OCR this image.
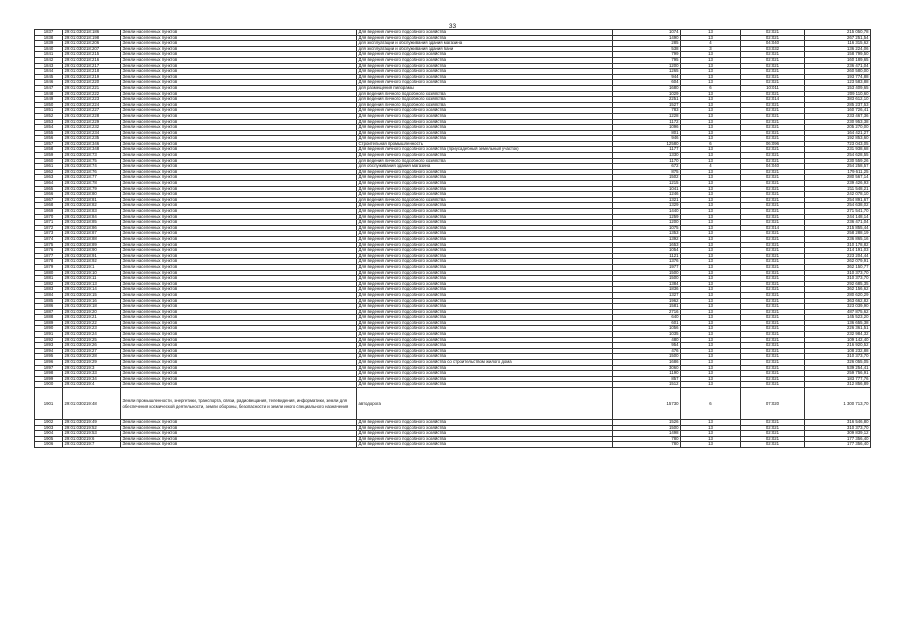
33
1837	29:01:030218:186	Земли населенных пунктов	Для ведения личного подсобного хозяйства	1074	13	02:021	215 050,78
1838	29:01:030218:198	Земли населенных пунктов	Для ведения личного подсобного хозяйства	1490	13	02:021	267 251,54
1839	29:01:030218:206	Земли населенных пунктов	для эксплуатации и обслуживания здания магазина	285	4	04:040	116 315,62
1840	29:01:030218:207	Земли населенных пунктов	для эксплуатации и обслуживания здания бани	538	3	03:032	136 224,06
1841	29:01:030218:215	Земли населенных пунктов	Для ведения личного подсобного хозяйства	799	13	02:021	158 799,50
1842	29:01:030218:216	Земли населенных пунктов	Для ведения личного подсобного хозяйства	795	13	02:021	160 189,65
1843	29:01:030218:217	Земли населенных пунктов	Для ведения личного подсобного хозяйства	1200	13	02:021	236 471,04
1844	29:01:030218:218	Земли населенных пунктов	Для ведения личного подсобного хозяйства	1265	13	02:021	260 580,00
1845	29:01:030218:219	Земли населенных пунктов	Для ведения личного подсобного хозяйства	944	13	02:021	193 774,88
1846	29:01:030218:220	Земли населенных пунктов	Для ведения личного подсобного хозяйства	604	13	02:021	123 583,88
1847	29:01:030218:221	Земли населенных пунктов	для размещения пилорамы	1680	6	10:011	153 409,65
1848	29:01:030218:222	Земли населенных пунктов	для ведения личного подсобного хозяйства	1029	13	02:021	209 110,60
1849	29:01:030218:223	Земли населенных пунктов	для ведения личного подсобного хозяйства	2251	13	02:014	383 612,10
1850	29:01:030218:224	Земли населенных пунктов	для ведения личного подсобного хозяйства	1527	13	02:021	285 237,53
1851	29:01:030218:227	Земли населенных пунктов	Для ведения личного подсобного хозяйства	783	13	02:021	160 726,41
1852	29:01:030218:228	Земли населенных пунктов	Для ведения личного подсобного хозяйства	1228	13	02:021	233 467,36
1853	29:01:030218:229	Земли населенных пунктов	Для ведения личного подсобного хозяйства	1172	13	02:021	230 953,38
1854	29:01:030218:232	Земли населенных пунктов	Для ведения личного подсобного хозяйства	1096	13	02:021	205 270,00
1855	29:01:030218:234	Земли населенных пунктов	Для ведения личного подсобного хозяйства	801	13	02:021	164 421,27
1856	29:01:030218:235	Земли населенных пунктов	Для ведения личного подсобного хозяйства	946	13	02:021	192 853,60
1857	29:01:030218:346	Земли населенных пунктов	Строительная промышленность	12580	6	06:096	723 043,05
1858	29:01:030218:348	Земли населенных пунктов	Для ведения личного подсобного хозяйства (приусадебный земельный участок)	1177	13	02:021	231 938,68
1859	29:01:030218:73	Земли населенных пунктов	Для ведения личного подсобного хозяйства	1330	13	02:021	254 628,55
1860	29:01:030218:75	Земли населенных пунктов	для ведения личного подсобного хозяйства	1170	13	02:021	230 559,26
1861	29:01:030218:74	Земли населенных пунктов	для обслуживания здания магазина	672	4	04:040	254 258,57
1862	29:01:030218:76	Земли населенных пунктов	Для ведения личного подсобного хозяйства	875	13	02:021	179 611,25
1863	29:01:030218:77	Земли населенных пунктов	Для ведения личного подсобного хозяйства	1502	13	02:021	280 567,14
1864	29:01:030218:78	Земли населенных пунктов	Для ведения личного подсобного хозяйства	1215	13	02:021	239 426,93
1865	29:01:030218:79	Земли населенных пунктов	Для ведения личного подсобного хозяйства	1041	13	02:021	211 548,21
1866	29:01:030218:80	Земли населенных пунктов	Для ведения личного подсобного хозяйства	1246	13	02:021	242 078,10
1867	29:01:030218:81	Земли населенных пунктов	для ведения личного подсобного хозяйства	1321	13	02:021	254 891,67
1868	29:01:030218:82	Земли населенных пунктов	Для ведения личного подсобного хозяйства	1329	13	02:021	254 638,02
1869	29:01:030218:83	Земли населенных пунктов	Для ведения личного подсобного хозяйства	1440	13	02:021	271 541,70
1870	29:01:030218:84	Земли населенных пунктов	Для ведения личного подсобного хозяйства	1259	13	02:021	244 148,14
1871	29:01:030218:85	Земли населенных пунктов	Для ведения личного подсобного хозяйства	1200	13	02:021	236 471,04
1872	29:01:030218:86	Земли населенных пунктов	Для ведения личного подсобного хозяйства	1075	13	02:014	215 855,44
1873	29:01:030218:87	Земли населенных пунктов	Для ведения личного подсобного хозяйства	1353	13	02:021	258 288,19
1874	29:01:030218:88	Земли населенных пунктов	Для ведения личного подсобного хозяйства	1392	13	02:021	236 865,16
1875	29:01:030218:89	Земли населенных пунктов	Для ведения личного подсобного хозяйства	1653	13	02:021	310 178,82
1876	29:01:030218:90	Земли населенных пунктов	Для ведения личного подсобного хозяйства	1054	13	02:021	214 191,03
1877	29:01:030218:91	Земли населенных пунктов	Для ведения личного подсобного хозяйства	1121	13	02:021	223 204,44
1878	29:01:030218:92	Земли населенных пунктов	Для ведения личного подсобного хозяйства	1376	13	02:021	262 079,91
1879	29:01:030219:1	Земли населенных пунктов	Для ведения личного подсобного хозяйства	1977	13	02:021	362 150,77
1880	29:01:030219:10	Земли населенных пунктов	Для ведения личного подсобного хозяйства	1500	13	02:021	310 373,70
1881	29:01:030219:11	Земли населенных пунктов	Для ведения личного подсобного хозяйства	1500	13	02:021	310 373,70
1882	29:01:030219:13	Земли населенных пунктов	Для ведения личного подсобного хозяйства	1384	13	02:021	292 685,35
1883	29:01:030219:14	Земли населенных пунктов	Для ведения личного подсобного хозяйства	1836	13	02:021	362 156,62
1884	29:01:030219:15	Земли населенных пунктов	Для ведения личного подсобного хозяйства	1327	13	02:021	280 620,29
1885	29:01:030219:16	Земли населенных пунктов	Для ведения личного подсобного хозяйства	1962	13	02:021	363 662,82
1886	29:01:030219:18	Земли населенных пунктов	Для ведения личного подсобного хозяйства	1581	13	02:021	323 039,90
1887	29:01:030219:20	Земли населенных пунктов	Для ведения личного подсобного хозяйства	2716	13	02:021	487 875,62
1888	29:01:030219:21	Земли населенных пунктов	Для ведения личного подсобного хозяйства	640	13	02:021	145 523,20
1889	29:01:030219:22	Земли населенных пунктов	Для ведения личного подсобного хозяйства	601	13	02:021	136 655,38
1890	29:01:030219:23	Земли населенных пунктов	Для ведения личного подсобного хозяйства	1056	13	02:021	226 361,51
1891	29:01:030219:24	Земли населенных пунктов	Для ведения личного подсобного хозяйства	1035	13	02:021	232 984,32
1892	29:01:030219:25	Земли населенных пунктов	Для ведения личного подсобного хозяйства	480	13	02:021	109 142,40
1893	29:01:030219:26	Земли населенных пунктов	Для ведения личного подсобного хозяйства	954	13	02:021	216 920,52
1894	29:01:030219:27	Земли населенных пунктов	Для ведения личного подсобного хозяйства	476	13	02:021	108 232,88
1895	29:01:030219:28	Земли населенных пунктов	Для ведения личного подсобного хозяйства	1500	13	02:021	310 373,70
1896	29:01:030219:29	Земли населенных пунктов	Для ведения личного подсобного хозяйства со строительством жилого дома	1686	13	02:021	326 055,05
1897	29:01:030219:3	Земли населенных пунктов	Для ведения личного подсобного хозяйства	3060	13	02:021	539 254,41
1898	29:01:030219:33	Земли населенных пунктов	Для ведения личного подсобного хозяйства	1190	13	02:021	259 756,91
1899	29:01:030219:34	Земли населенных пунктов	Для ведения личного подсобного хозяйства	857	13	02:021	183 777,76
1900	29:01:030219:4	Земли населенных пунктов	Для ведения личного подсобного хозяйства	1512	13	02:021	312 856,89
1901	29:01:030219:48	Земли промышленности, энергетики, транспорта, связи, радиовещания, телевидения, информатики, земли для обеспечения космической деятельности, земли обороны, безопасности и земли иного специального назначения	автодорога	15730	6	07:020	1 300 713,70
1902	29:01:030219:49	Земли населенных пунктов	Для ведения личного подсобного хозяйства	1526	13	02:021	316 546,80
1903	29:01:030219:52	Земли населенных пунктов	Для ведения личного подсобного хозяйства	1500	13	02:021	310 373,70
1904	29:01:030219:53	Земли населенных пунктов	Для ведения личного подсобного хозяйства	1498	13	02:021	309 839,12
1905	29:01:030219:6	Земли населенных пунктов	Для ведения личного подсобного хозяйства	780	13	02:021	177 356,40
1906	29:01:030219:7	Земли населенных пунктов	Для ведения личного подсобного хозяйства	780	13	02:021	177 356,40
